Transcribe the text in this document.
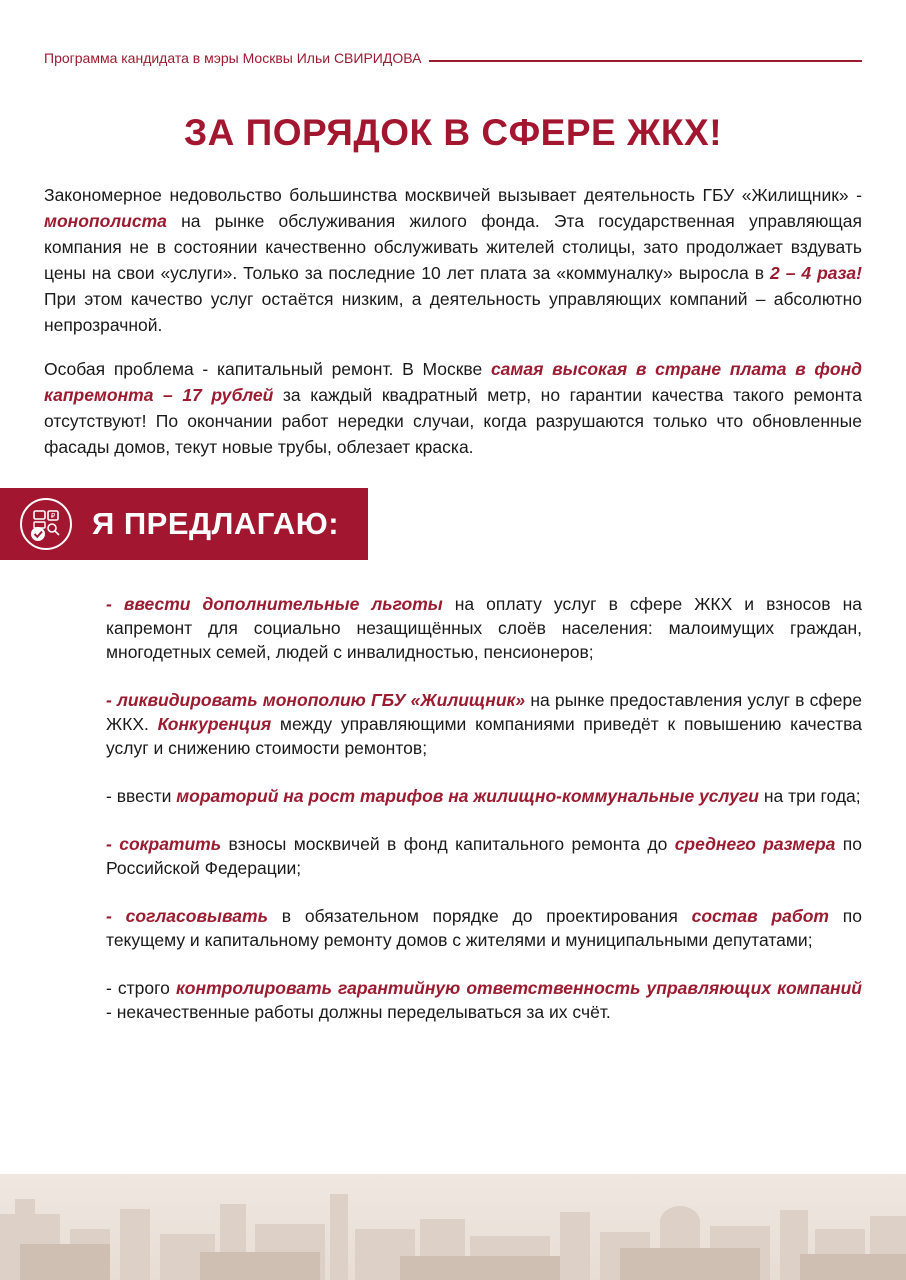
Программа кандидата в мэры Москвы Ильи СВИРИДОВА
ЗА ПОРЯДОК В СФЕРЕ ЖКХ!
Закономерное недовольство большинства москвичей вызывает деятельность ГБУ «Жилищник» - монополиста на рынке обслуживания жилого фонда. Эта государственная управляющая компания не в состоянии качественно обслуживать жителей столицы, зато продолжает вздувать цены на свои «услуги». Только за последние 10 лет плата за «коммуналку» выросла в 2 – 4 раза! При этом качество услуг остаётся низким, а деятельность управляющих компаний – абсолютно непрозрачной.
Особая проблема - капитальный ремонт. В Москве самая высокая в стране плата в фонд капремонта – 17 рублей за каждый квадратный метр, но гарантии качества такого ремонта отсутствуют! По окончании работ нередки случаи, когда разрушаются только что обновленные фасады домов, текут новые трубы, облезает краска.
₽ Я ПРЕДЛАГАЮ:
- ввести дополнительные льготы на оплату услуг в сфере ЖКХ и взносов на капремонт для социально незащищённых слоёв населения: малоимущих граждан, многодетных семей, людей с инвалидностью, пенсионеров;
- ликвидировать монополию ГБУ «Жилищник» на рынке предоставления услуг в сфере ЖКХ. Конкуренция между управляющими компаниями приведёт к повышению качества услуг и снижению стоимости ремонтов;
- ввести мораторий на рост тарифов на жилищно-коммунальные услуги на три года;
- сократить взносы москвичей в фонд капитального ремонта до среднего размера по Российской Федерации;
- согласовывать в обязательном порядке до проектирования состав работ по текущему и капитальному ремонту домов с жителями и муниципальными депутатами;
- строго контролировать гарантийную ответственность управляющих компаний - некачественные работы должны переделываться за их счёт.
